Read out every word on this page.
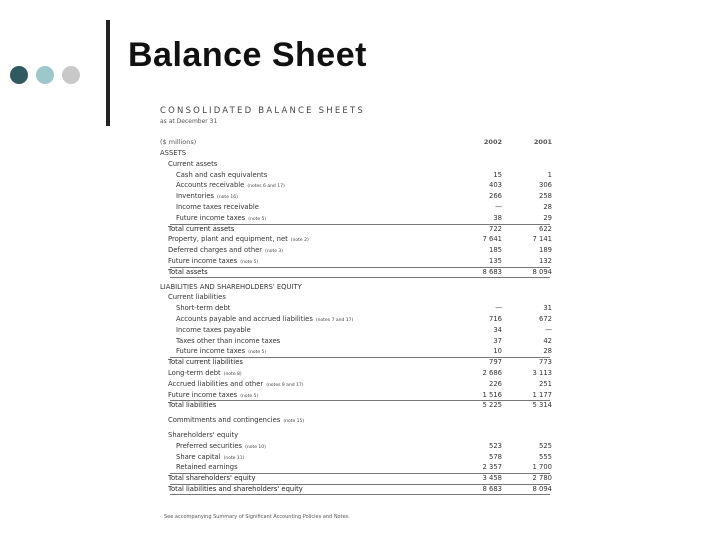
Balance Sheet
CONSOLIDATED BALANCE SHEETS
as at December 31
($ millions)	2002	2001
ASSETS
Current assets
Cash and cash equivalents	15	1
Accounts receivable (notes 6 and 17)	403	306
Inventories (note 16)	266	258
Income taxes receivable	—	28
Future income taxes (note 5)	38	29
Total current assets	722	622
Property, plant and equipment, net (note 2)	7 641	7 141
Deferred charges and other (note 3)	185	189
Future income taxes (note 5)	135	132
Total assets	8 683	8 094
LIABILITIES AND SHAREHOLDERS' EQUITY
Current liabilities
Short-term debt	—	31
Accounts payable and accrued liabilities (notes 7 and 17)	716	672
Income taxes payable	34	—
Taxes other than income taxes	37	42
Future income taxes (note 5)	10	28
Total current liabilities	797	773
Long-term debt (note 8)	2 686	3 113
Accrued liabilities and other (notes 9 and 17)	226	251
Future income taxes (note 5)	1 516	1 177
Total liabilities	5 225	5 314
Commitments and contingencies (note 15)
Shareholders' equity
Preferred securities (note 10)	523	525
Share capital (note 11)	578	555
Retained earnings	2 357	1 700
Total shareholders' equity	3 458	2 780
Total liabilities and shareholders' equity	8 683	8 094
See accompanying Summary of Significant Accounting Policies and Notes.
